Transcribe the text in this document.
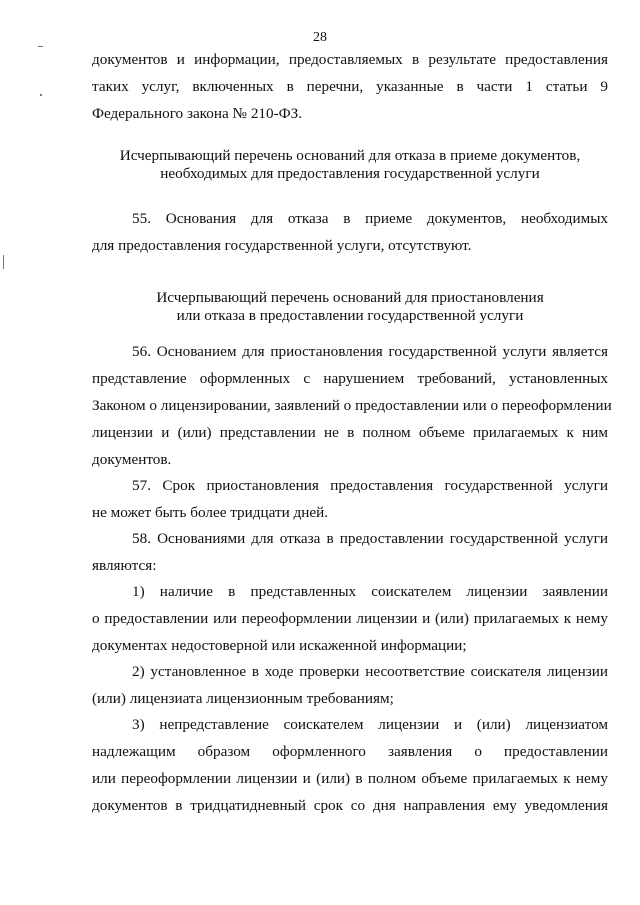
28
документов и информации, предоставляемых в результате предоставления
таких услуг, включенных в перечни, указанные в части 1 статьи 9
Федерального закона № 210-ФЗ.
Исчерпывающий перечень оснований для отказа в приеме документов,
необходимых для предоставления государственной услуги
55. Основания для отказа в приеме документов, необходимых
для предоставления государственной услуги, отсутствуют.
Исчерпывающий перечень оснований для приостановления
или отказа в предоставлении государственной услуги
56. Основанием для приостановления государственной услуги является
представление оформленных с нарушением требований, установленных
Законом о лицензировании, заявлений о предоставлении или о переоформлении
лицензии и (или) представлении не в полном объеме прилагаемых к ним
документов.
57. Срок приостановления предоставления государственной услуги
не может быть более тридцати дней.
58. Основаниями для отказа в предоставлении государственной услуги
являются:
1) наличие в представленных соискателем лицензии заявлении
о предоставлении или переоформлении лицензии и (или) прилагаемых к нему
документах недостоверной или искаженной информации;
2) установленное в ходе проверки несоответствие соискателя лицензии
(или) лицензиата лицензионным требованиям;
3) непредставление соискателем лицензии и (или) лицензиатом
надлежащим образом оформленного заявления о предоставлении
или переоформлении лицензии и (или) в полном объеме прилагаемых к нему
документов в тридцатидневный срок со дня направления ему уведомления
